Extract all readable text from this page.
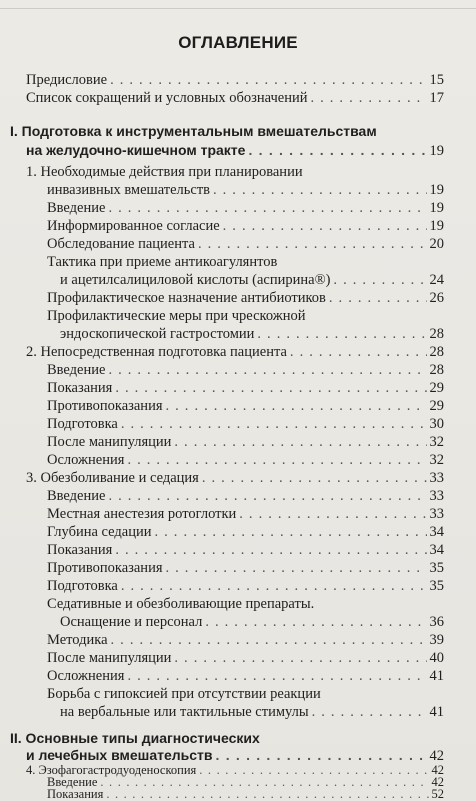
ОГЛАВЛЕНИЕ
Предисловие . . .	15
Список сокращений и условных обозначений . . .	17
I. Подготовка к инструментальным вмешательствам
на желудочно-кишечном тракте . . .	19
1. Необходимые действия при планировании
инвазивных вмешательств . . .	19
Введение . . .	19
Информированное согласие . . .	19
Обследование пациента . . .	20
Тактика при приеме антикоагулянтов
и ацетилсалициловой кислоты (аспирина®) . . .	24
Профилактическое назначение антибиотиков . . .	26
Профилактические меры при чрескожной
эндоскопической гастростомии . . .	28
2. Непосредственная подготовка пациента . . .	28
Введение . . .	28
Показания . . .	29
Противопоказания . . .	29
Подготовка . . .	30
После манипуляции . . .	32
Осложнения . . .	32
3. Обезболивание и седация . . .	33
Введение . . .	33
Местная анестезия ротоглотки . . .	33
Глубина седации . . .	34
Показания . . .	34
Противопоказания . . .	35
Подготовка . . .	35
Седативные и обезболивающие препараты.
Оснащение и персонал . . .	36
Методика . . .	39
После манипуляции . . .	40
Осложнения . . .	41
Борьба с гипоксией при отсутствии реакции
на вербальные или тактильные стимулы . . .	41
II. Основные типы диагностических
и лечебных вмешательств . . .	42
4. Эзофагогастродуоденоскопия . . .	42
Введение . . .	42
Показания . . .	52
